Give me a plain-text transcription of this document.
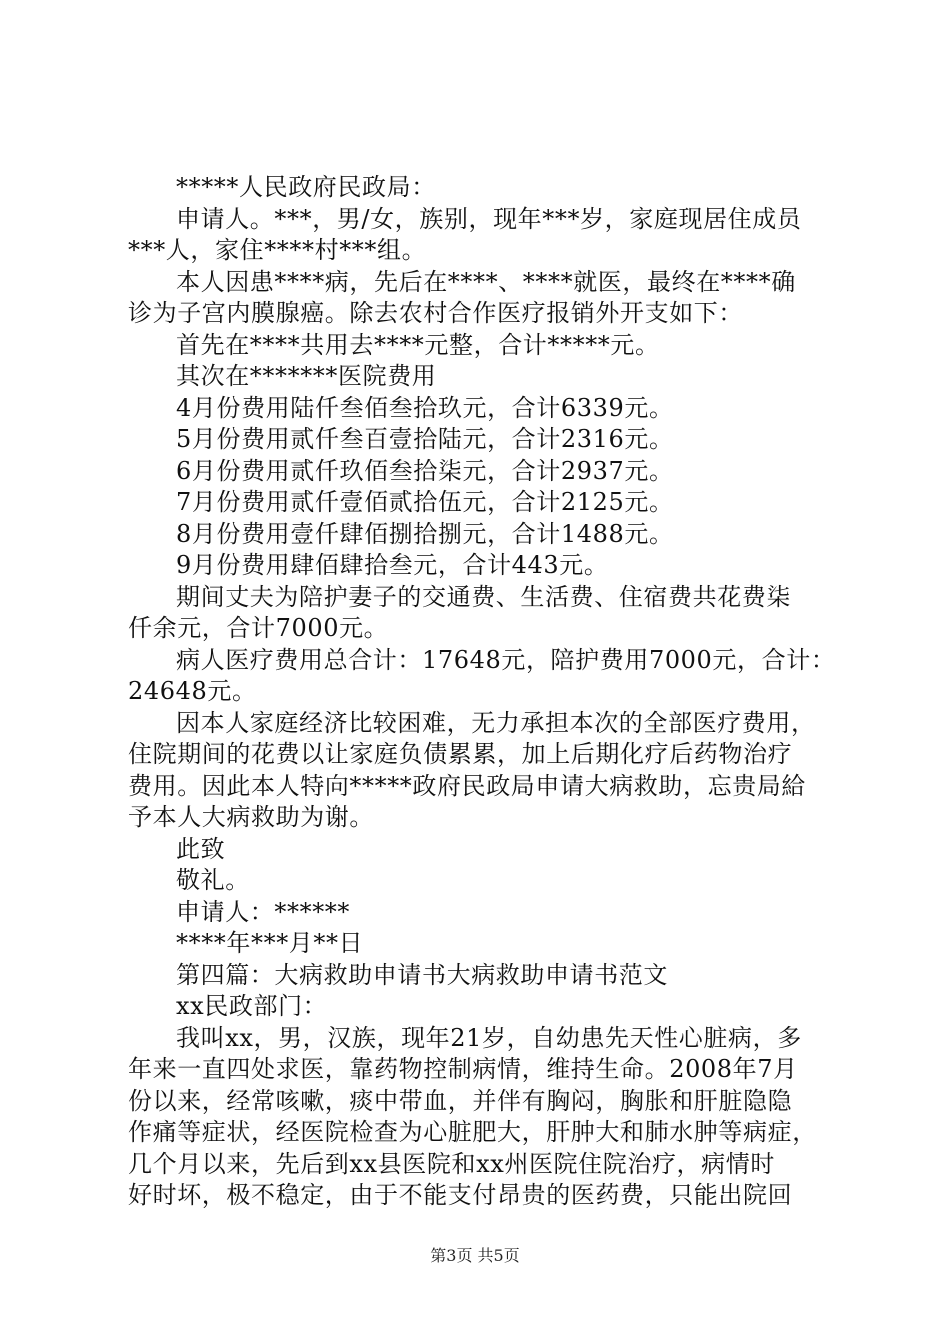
*****人民政府民政局：
申请人。***，男/女，族别，现年***岁，家庭现居住成员
***人，家住****村***组。
本人因患****病，先后在****、****就医，最终在****确
诊为子宫内膜腺癌。除去农村合作医疗报销外开支如下：
首先在****共用去****元整，合计*****元。
其次在*******医院费用
4月份费用陆仟叁佰叁拾玖元，合计6339元。
5月份费用贰仟叁百壹拾陆元，合计2316元。
6月份费用贰仟玖佰叁拾柒元，合计2937元。
7月份费用贰仟壹佰贰拾伍元，合计2125元。
8月份费用壹仟肆佰捌拾捌元，合计1488元。
9月份费用肆佰肆拾叁元，合计443元。
期间丈夫为陪护妻子的交通费、生活费、住宿费共花费柒
仟余元，合计7000元。
病人医疗费用总合计：17648元，陪护费用7000元，合计：
24648元。
因本人家庭经济比较困难，无力承担本次的全部医疗费用，
住院期间的花费以让家庭负债累累，加上后期化疗后药物治疗
费用。因此本人特向*****政府民政局申请大病救助，忘贵局給
予本人大病救助为谢。
此致
敬礼。
申请人：******
****年***月**日
第四篇：大病救助申请书大病救助申请书范文
xx民政部门：
我叫xx，男，汉族，现年21岁，自幼患先天性心脏病，多
年来一直四处求医，靠药物控制病情，维持生命。2008年7月
份以来，经常咳嗽，痰中带血，并伴有胸闷，胸胀和肝脏隐隐
作痛等症状，经医院检查为心脏肥大，肝肿大和肺水肿等病症，
几个月以来，先后到xx县医院和xx州医院住院治疗，病情时
好时坏，极不稳定，由于不能支付昂贵的医药费，只能出院回
第3页 共5页
